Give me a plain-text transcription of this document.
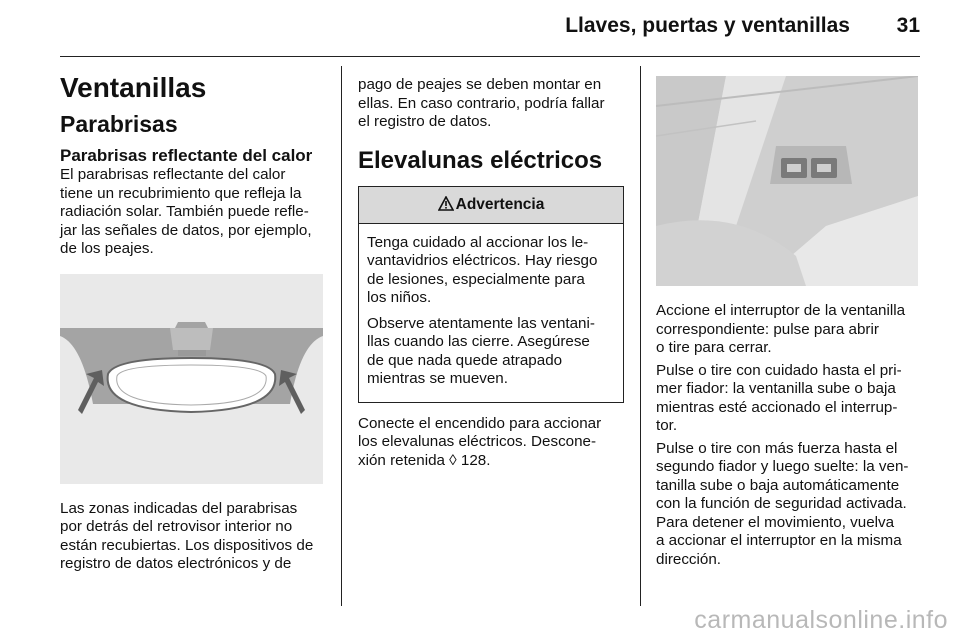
Llaves, puertas y ventanillas	31
Ventanillas
Parabrisas
Parabrisas reflectante del calor

El parabrisas reflectante del calor
tiene un recubrimiento que refleja la
radiación solar. También puede refle-
jar las señales de datos, por ejemplo,
de los peajes.

Las zonas indicadas del parabrisas
por detrás del retrovisor interior no
están recubiertas. Los dispositivos de
registro de datos electrónicos y de

pago de peajes se deben montar en
ellas. En caso contrario, podría fallar
el registro de datos.

Elevalunas eléctricos
Advertencia

Tenga cuidado al accionar los le-
vantavidrios eléctricos. Hay riesgo
de lesiones, especialmente para
los niños.

Observe atentamente las ventani-
llas cuando las cierre. Asegúrese
de que nada quede atrapado
mientras se mueven.

Conecte el encendido para accionar
los elevalunas eléctricos. Descone-
xión retenida ◊ 128.

Accione el interruptor de la ventanilla
correspondiente: pulse para abrir
o tire para cerrar.

Pulse o tire con cuidado hasta el pri-
mer fiador: la ventanilla sube o baja
mientras esté accionado el interrup-
tor.

Pulse o tire con más fuerza hasta el
segundo fiador y luego suelte: la ven-
tanilla sube o baja automáticamente
con la función de seguridad activada.
Para detener el movimiento, vuelva
a accionar el interruptor en la misma
dirección.

carmanualsonline.info
